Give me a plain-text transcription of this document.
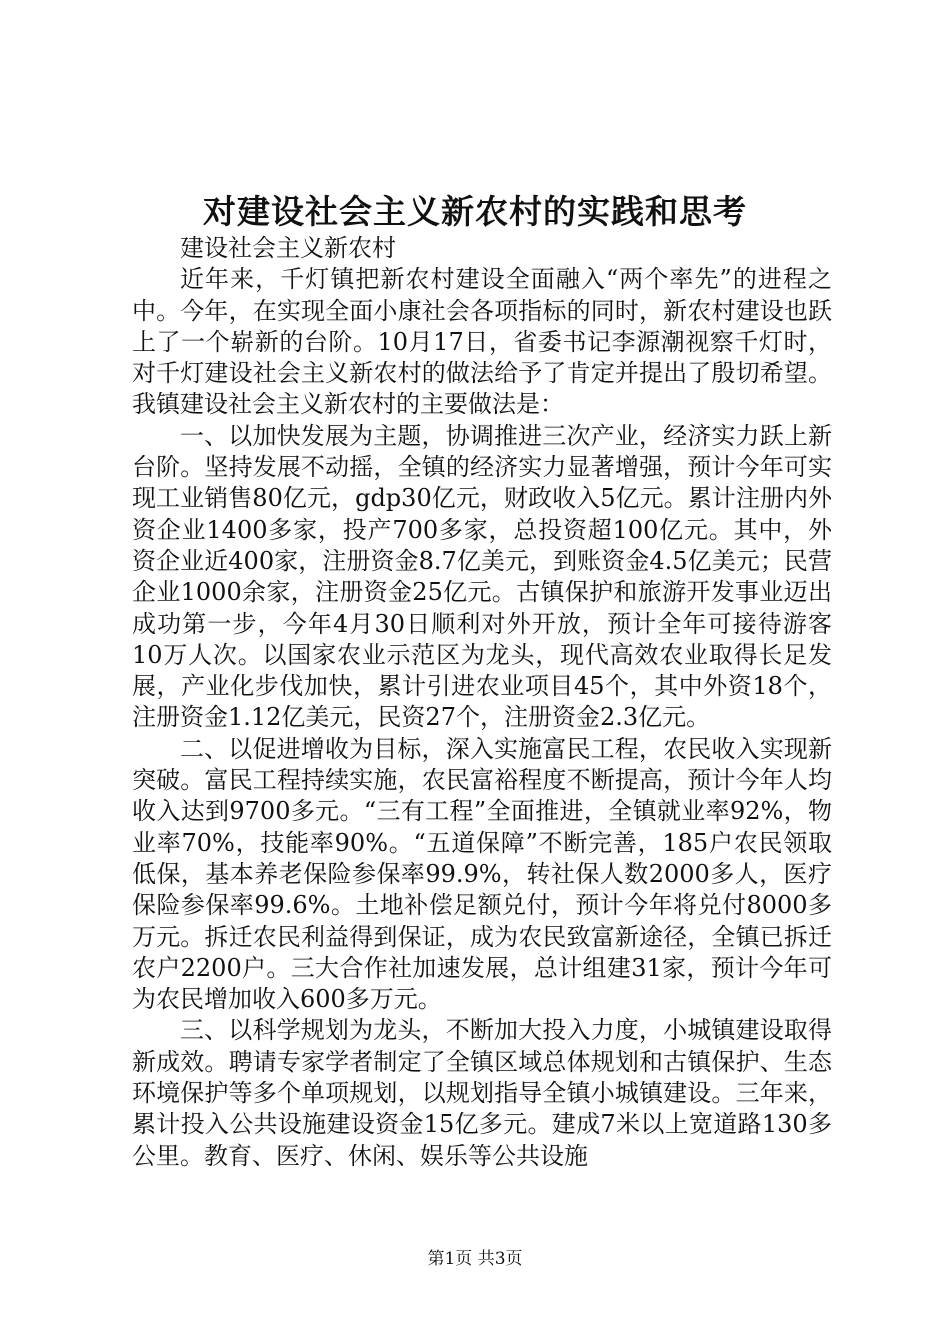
对建设社会主义新农村的实践和思考

建设社会主义新农村

近年来，千灯镇把新农村建设全面融入“两个率先”的进程之中。今年，在实现全面小康社会各项指标的同时，新农村建设也跃上了一个崭新的台阶。10月17日，省委书记李源潮视察千灯时，对千灯建设社会主义新农村的做法给予了肯定并提出了殷切希望。我镇建设社会主义新农村的主要做法是：

一、以加快发展为主题，协调推进三次产业，经济实力跃上新台阶。坚持发展不动摇，全镇的经济实力显著增强，预计今年可实现工业销售80亿元，gdp30亿元，财政收入5亿元。累计注册内外资企业1400多家，投产700多家，总投资超100亿元。其中，外资企业近400家，注册资金8.7亿美元，到账资金4.5亿美元；民营企业1000余家，注册资金25亿元。古镇保护和旅游开发事业迈出成功第一步，今年4月30日顺利对外开放，预计全年可接待游客10万人次。以国家农业示范区为龙头，现代高效农业取得长足发展，产业化步伐加快，累计引进农业项目45个，其中外资18个，注册资金1.12亿美元，民资27个，注册资金2.3亿元。

二、以促进增收为目标，深入实施富民工程，农民收入实现新突破。富民工程持续实施，农民富裕程度不断提高，预计今年人均收入达到9700多元。“三有工程”全面推进，全镇就业率92%，物业率70%，技能率90%。“五道保障”不断完善，185户农民领取低保，基本养老保险参保率99.9%，转社保人数2000多人，医疗保险参保率99.6%。土地补偿足额兑付，预计今年将兑付8000多万元。拆迁农民利益得到保证，成为农民致富新途径，全镇已拆迁农户2200户。三大合作社加速发展，总计组建31家，预计今年可为农民增加收入600多万元。

三、以科学规划为龙头，不断加大投入力度，小城镇建设取得新成效。聘请专家学者制定了全镇区域总体规划和古镇保护、生态环境保护等多个单项规划，以规划指导全镇小城镇建设。三年来，累计投入公共设施建设资金15亿多元。建成7米以上宽道路130多公里。教育、医疗、休闲、娱乐等公共设施

第1页 共3页
